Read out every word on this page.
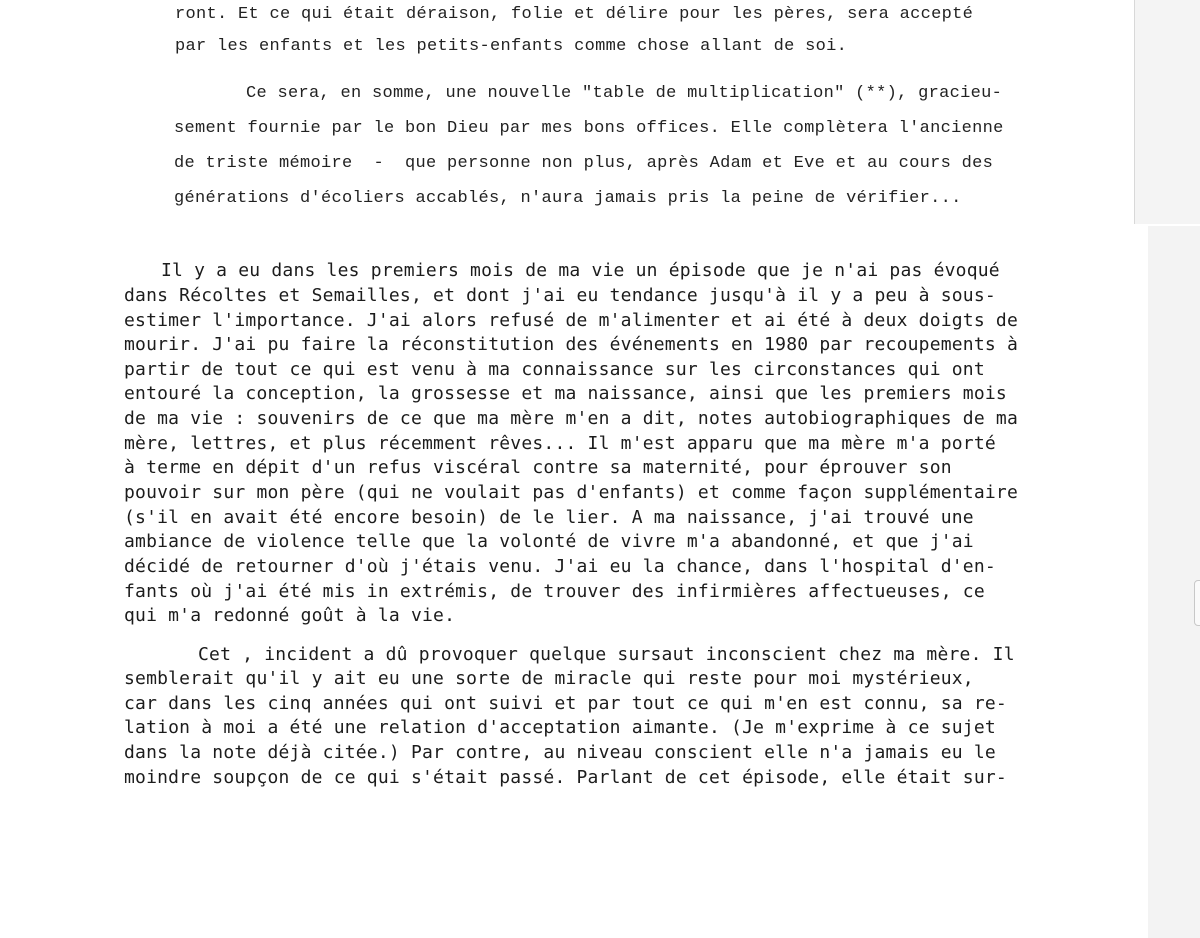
ront. Et ce qui était déraison, folie et délire pour les pères, sera accepté
par les enfants et les petits-enfants comme chose allant de soi.
Ce sera, en somme, une nouvelle "table de multiplication" (**), gracieu-
sement fournie par le bon Dieu par mes bons offices. Elle complètera l'ancienne
de triste mémoire  -  que personne non plus, après Adam et Eve et au cours des
générations d'écoliers accablés, n'aura jamais pris la peine de vérifier...
Il y a eu dans les premiers mois de ma vie un épisode que je n'ai pas évoqué
dans Récoltes et Semailles, et dont j'ai eu tendance jusqu'à il y a peu à sous-
estimer l'importance. J'ai alors refusé de m'alimenter et ai été à deux doigts de
mourir. J'ai pu faire la réconstitution des événements en 1980 par recoupements à
partir de tout ce qui est venu à ma connaissance sur les circonstances qui ont
entouré la conception, la grossesse et ma naissance, ainsi que les premiers mois
de ma vie : souvenirs de ce que ma mère m'en a dit, notes autobiographiques de ma
mère, lettres, et plus récemment rêves... Il m'est apparu que ma mère m'a porté
à terme en dépit d'un refus viscéral contre sa maternité, pour éprouver son
pouvoir sur mon père (qui ne voulait pas d'enfants) et comme façon supplémentaire
(s'il en avait été encore besoin) de le lier. A ma naissance, j'ai trouvé une
ambiance de violence telle que la volonté de vivre m'a abandonné, et que j'ai
décidé de retourner d'où j'étais venu. J'ai eu la chance, dans l'hospital d'en-
fants où j'ai été mis in extrémis, de trouver des infirmières affectueuses, ce
qui m'a redonné goût à la vie.
Cet , incident a dû provoquer quelque sursaut inconscient chez ma mère. Il
semblerait qu'il y ait eu une sorte de miracle qui reste pour moi mystérieux,
car dans les cinq années qui ont suivi et par tout ce qui m'en est connu, sa re-
lation à moi a été une relation d'acceptation aimante. (Je m'exprime à ce sujet
dans la note déjà citée.) Par contre, au niveau conscient elle n'a jamais eu le
moindre soupçon de ce qui s'était passé. Parlant de cet épisode, elle était sur-
